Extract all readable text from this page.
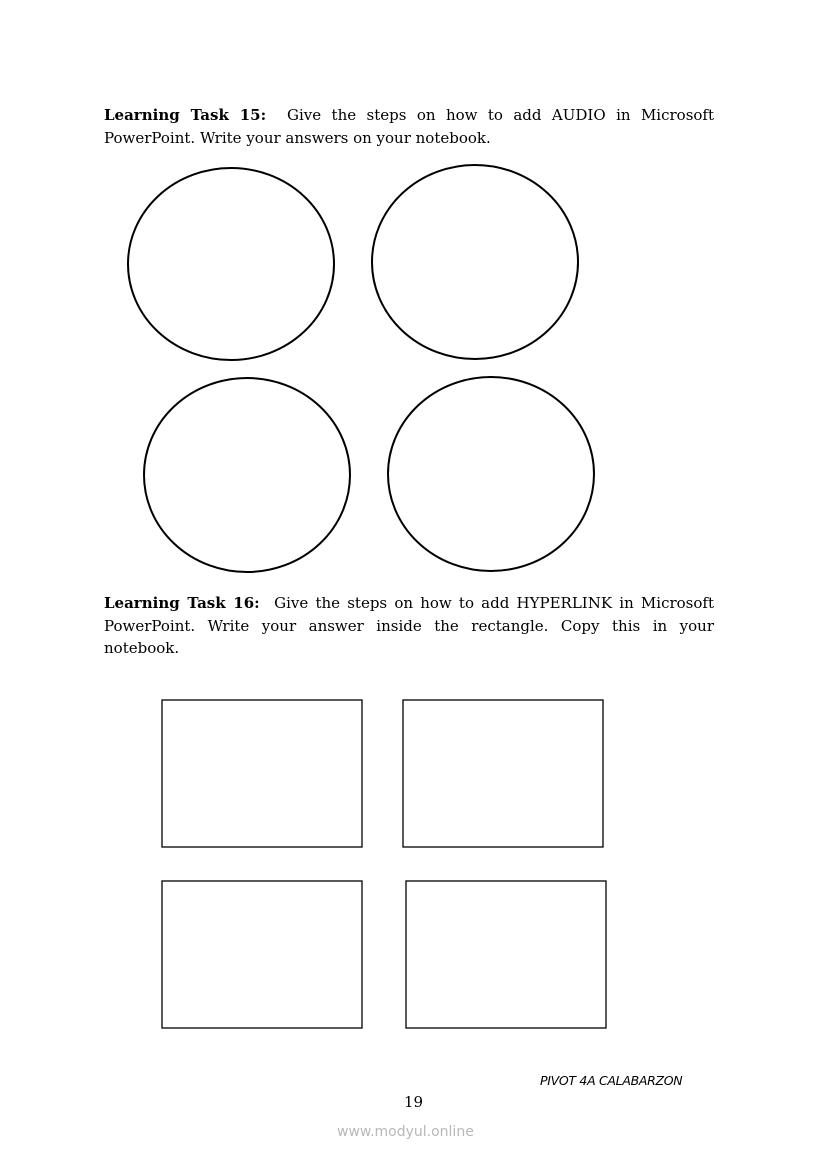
Learning Task 15: Give the steps on how to add AUDIO in Microsoft PowerPoint. Write your answers on your notebook.
Learning Task 16: Give the steps on how to add HYPERLINK in Microsoft PowerPoint. Write your answer inside the rectangle. Copy this in your notebook.
PIVOT 4A CALABARZON
19
www.modyul.online
